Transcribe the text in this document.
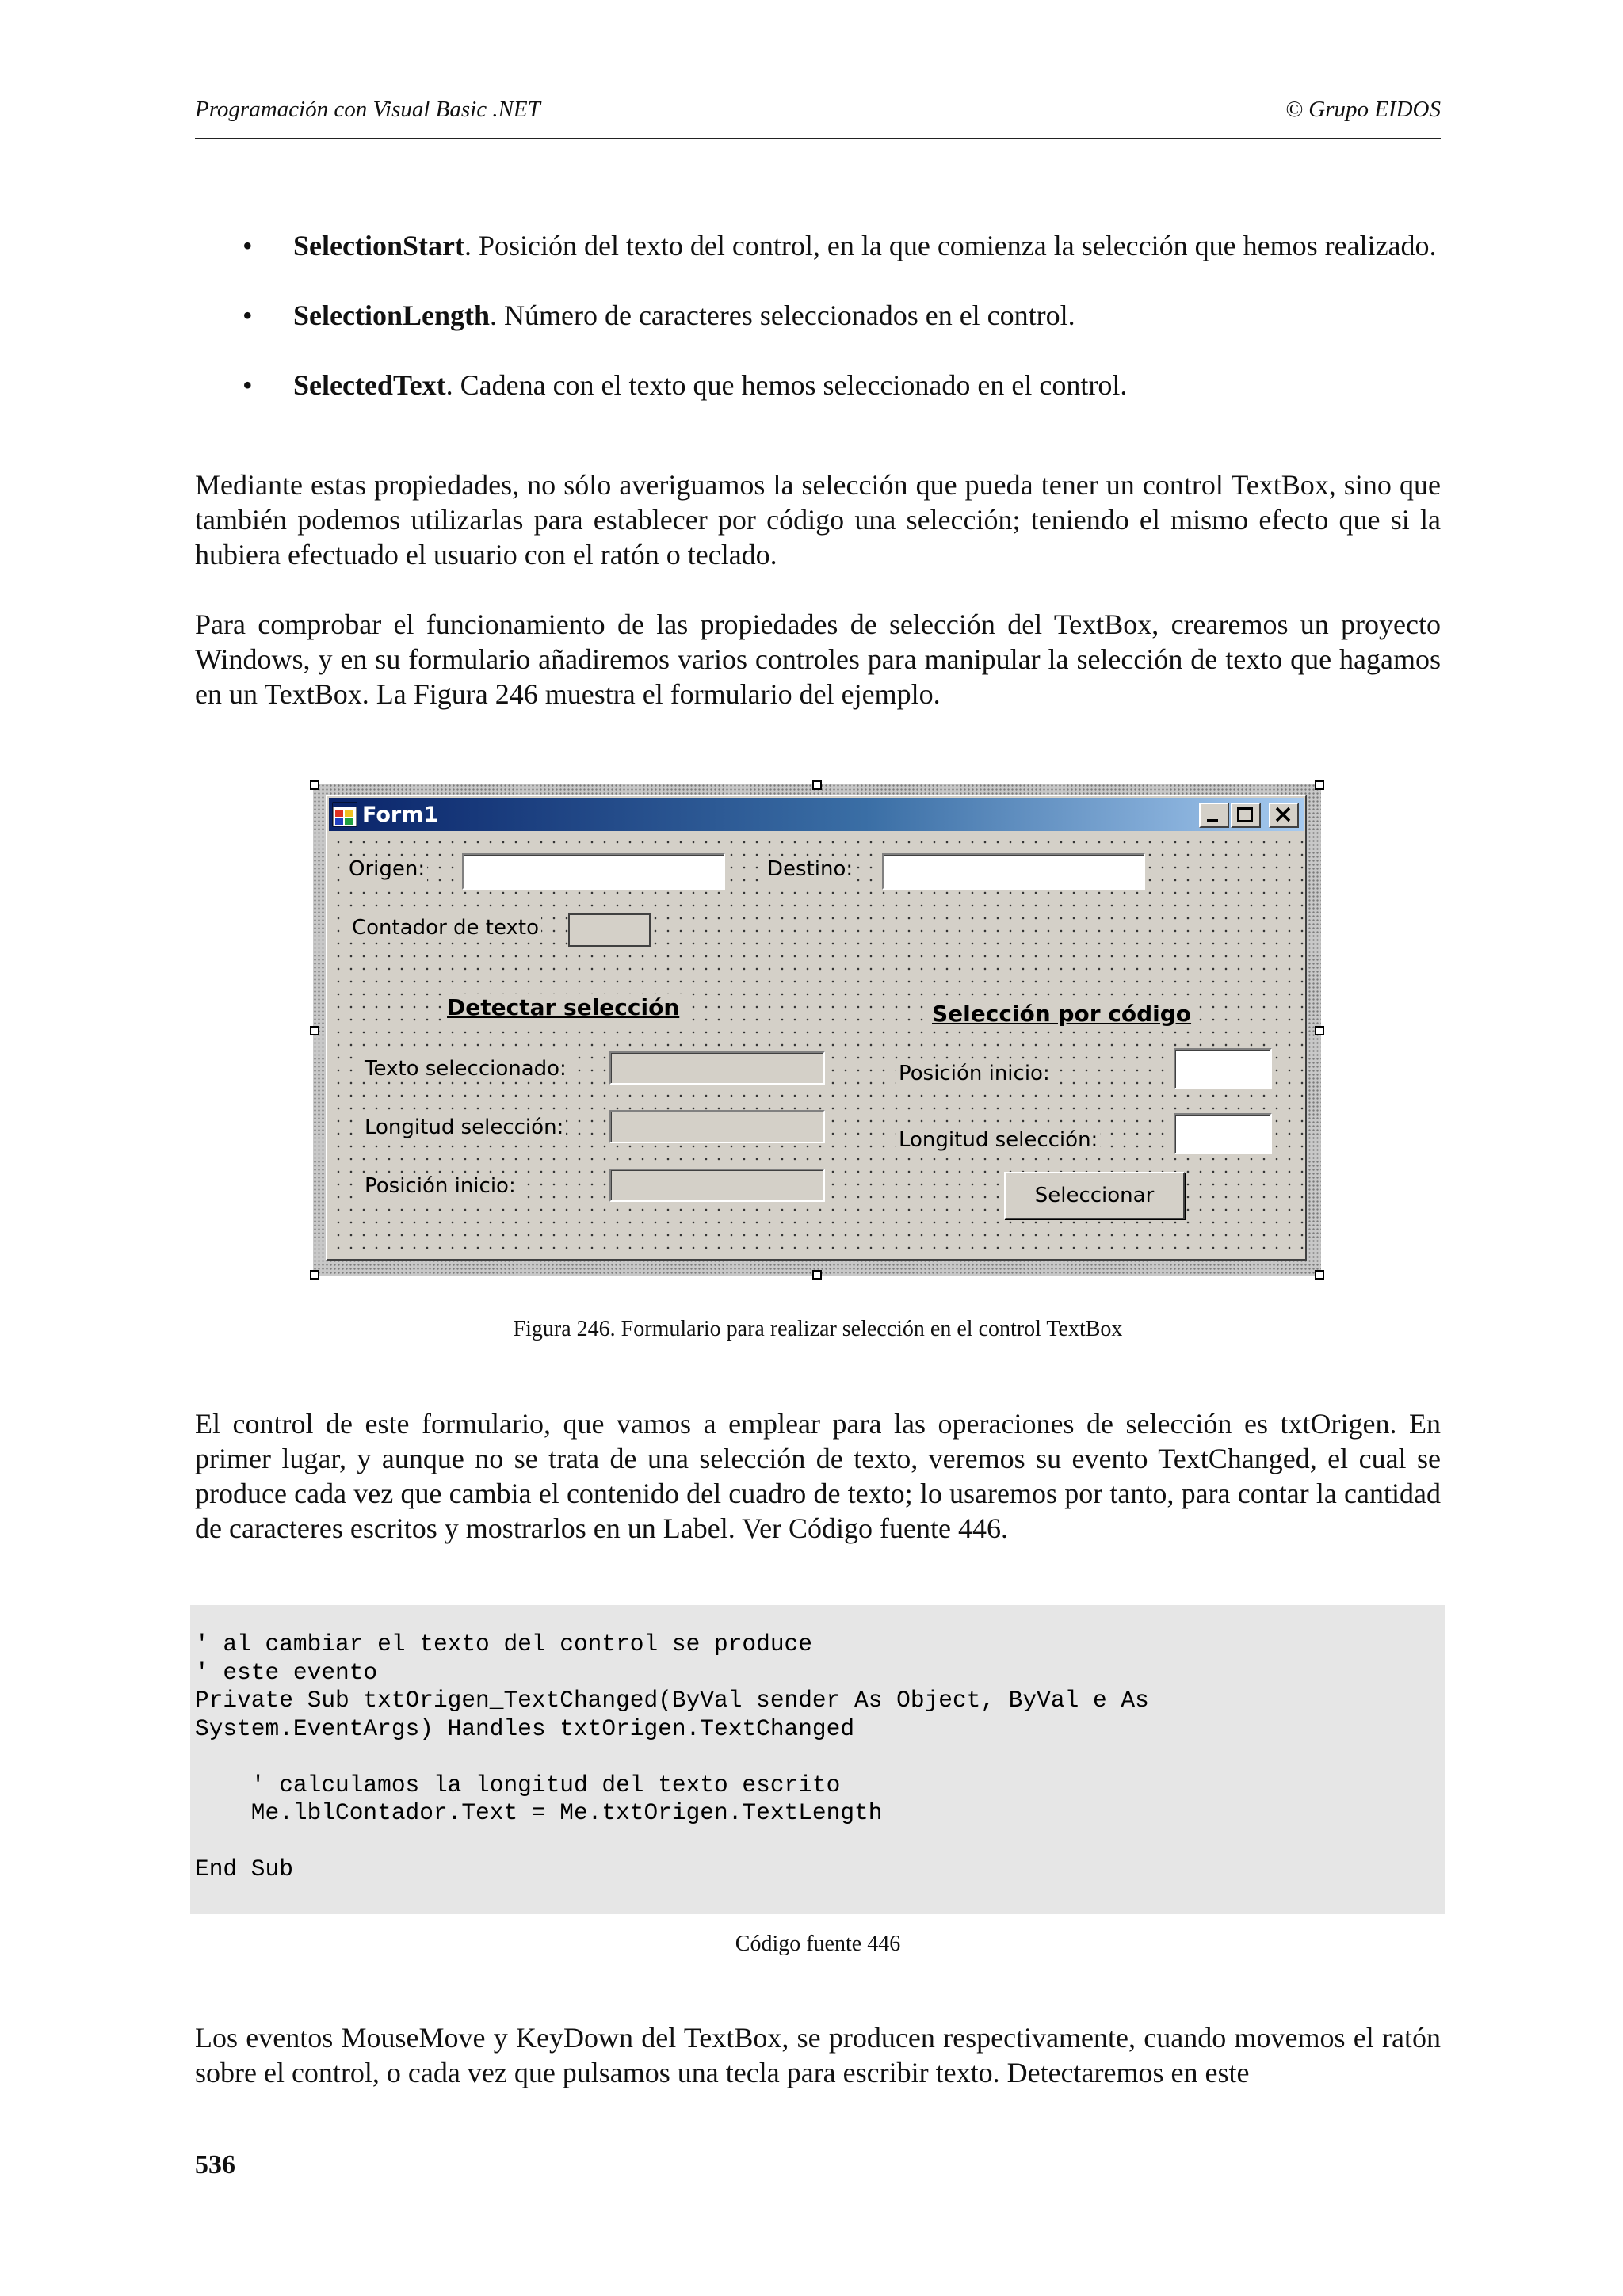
Programación con Visual Basic .NET	© Grupo EIDOS
• SelectionStart. Posición del texto del control, en la que comienza la selección que hemos realizado.
• SelectionLength. Número de caracteres seleccionados en el control.
• SelectedText. Cadena con el texto que hemos seleccionado en el control.

Mediante estas propiedades, no sólo averiguamos la selección que pueda tener un control TextBox, sino que también podemos utilizarlas para establecer por código una selección; teniendo el mismo efecto que si la hubiera efectuado el usuario con el ratón o teclado.

Para comprobar el funcionamiento de las propiedades de selección del TextBox, crearemos un proyecto Windows, y en su formulario añadiremos varios controles para manipular la selección de texto que hagamos en un TextBox. La Figura 246 muestra el formulario del ejemplo.

Form1
Origen:	Destino:
Contador de texto
Detectar selección	Selección por código
Texto seleccionado:
Longitud selección:
Posición inicio:
Posición inicio:
Longitud selección:
Seleccionar
Figura 246. Formulario para realizar selección en el control TextBox

El control de este formulario, que vamos a emplear para las operaciones de selección es txtOrigen. En primer lugar, y aunque no se trata de una selección de texto, veremos su evento TextChanged, el cual se produce cada vez que cambia el contenido del cuadro de texto; lo usaremos por tanto, para contar la cantidad de caracteres escritos y mostrarlos en un Label. Ver Código fuente 446.

' al cambiar el texto del control se produce
' este evento
Private Sub txtOrigen_TextChanged(ByVal sender As Object, ByVal e As
System.EventArgs) Handles txtOrigen.TextChanged

' calculamos la longitud del texto escrito
Me.lblContador.Text = Me.txtOrigen.TextLength

End Sub
Código fuente 446

Los eventos MouseMove y KeyDown del TextBox, se producen respectivamente, cuando movemos el ratón sobre el control, o cada vez que pulsamos una tecla para escribir texto. Detectaremos en este

536
